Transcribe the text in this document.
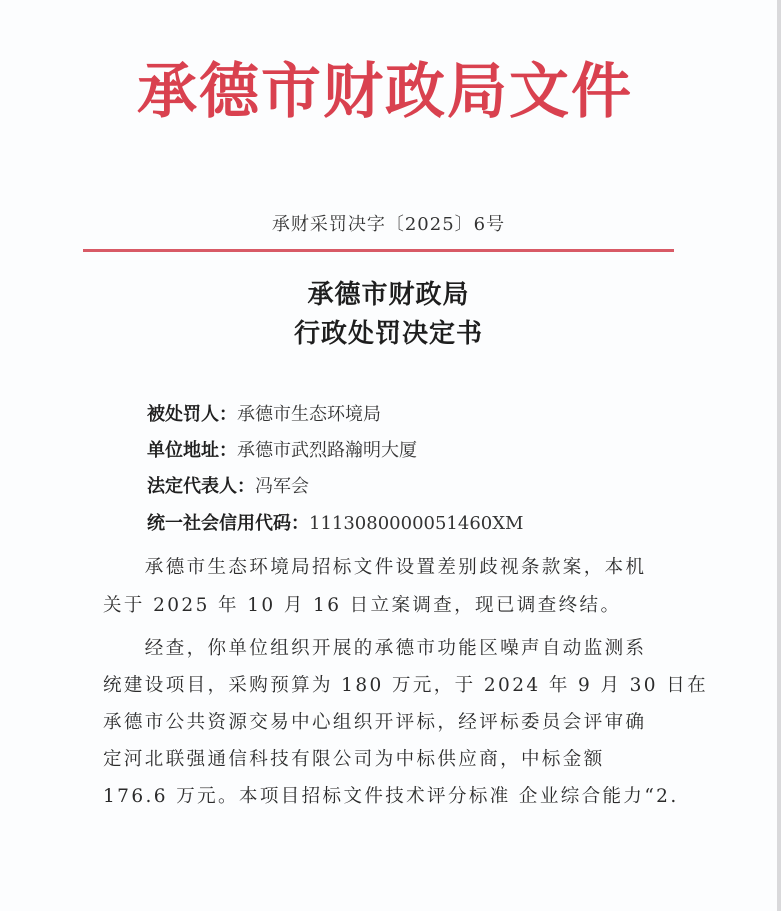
承德市财政局文件
承财采罚决字〔2025〕6号
承德市财政局
行政处罚决定书
被处罚人：承德市生态环境局
单位地址：承德市武烈路瀚明大厦
法定代表人：冯军会
统一社会信用代码：1113080000051460XM
　　承德市生态环境局招标文件设置差别歧视条款案，本机
关于 2025 年 10 月 16 日立案调查，现已调查终结。
　　经查，你单位组织开展的承德市功能区噪声自动监测系
统建设项目，采购预算为 180 万元，于 2024 年 9 月 30 日在
承德市公共资源交易中心组织开评标，经评标委员会评审确
定河北联强通信科技有限公司为中标供应商，中标金额
176.6 万元。本项目招标文件技术评分标准 企业综合能力“2.
